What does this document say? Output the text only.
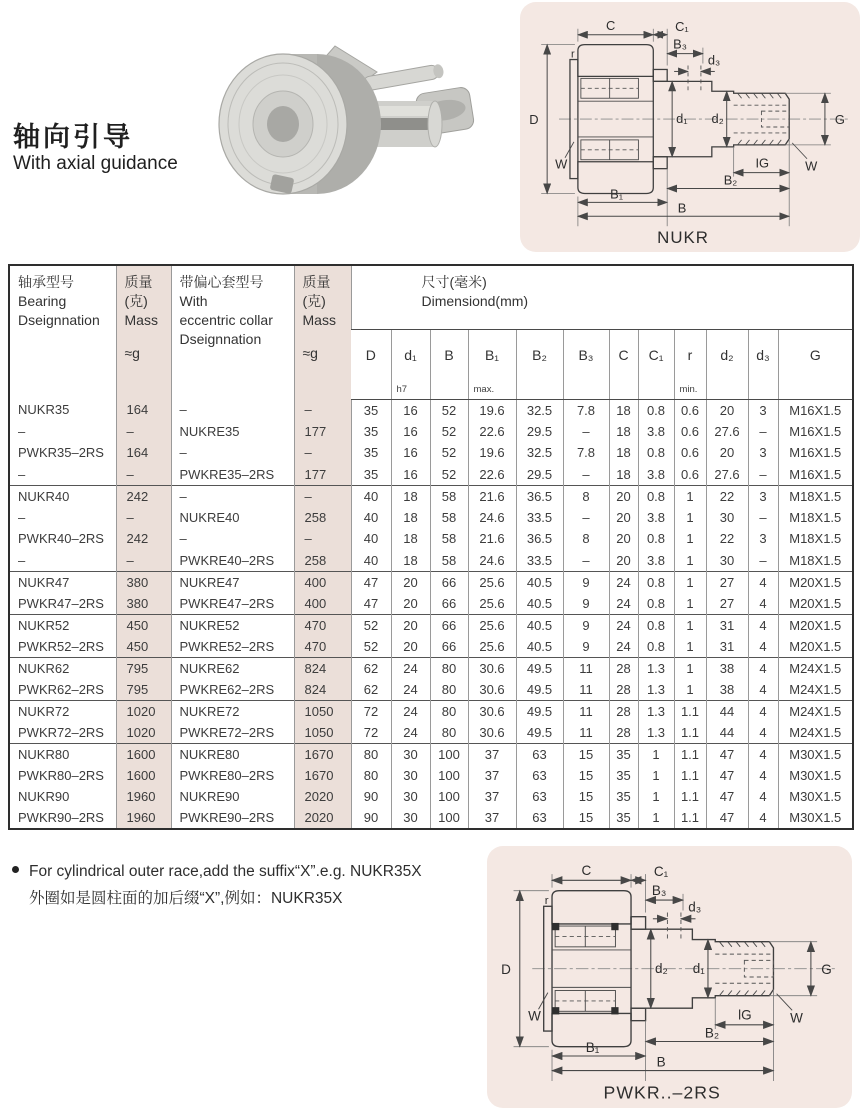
轴向引导
With axial guidance
C	C₁
B₃
d₃
r
D	d₁ d₂	G
W	IG	W
B₂
B₁
B
NUKR
轴承型号
Bearing
Dseignnation

质量
(克)
Mass
≈g

带偏心套型号
With
eccentric collar
Dseignnation

质量
(克)
Mass
≈g

尺寸(毫米)
Dimensiond(mm)

D	d₁
h7

B	B₁
max.

B₂	B₃	C	C₁	r
min.

d₂	d₃	G

NUKR35	164	–	–	35	16	52	19.6	32.5	7.8	18	0.8	0.6	20	3	M16X1.5
–	–	NUKRE35	177	35	16	52	22.6	29.5	–	18	3.8	0.6	27.6	–	M16X1.5
PWKR35–2RS	164	–	–	35	16	52	19.6	32.5	7.8	18	0.8	0.6	20	3	M16X1.5
–	–	PWKRE35–2RS	177	35	16	52	22.6	29.5	–	18	3.8	0.6	27.6	–	M16X1.5
NUKR40	242	–	–	40	18	58	21.6	36.5	8	20	0.8	1	22	3	M18X1.5
–	–	NUKRE40	258	40	18	58	24.6	33.5	–	20	3.8	1	30	–	M18X1.5
PWKR40–2RS	242	–	–	40	18	58	21.6	36.5	8	20	0.8	1	22	3	M18X1.5
–	–	PWKRE40–2RS	258	40	18	58	24.6	33.5	–	20	3.8	1	30	–	M18X1.5
NUKR47	380	NUKRE47	400	47	20	66	25.6	40.5	9	24	0.8	1	27	4	M20X1.5
PWKR47–2RS	380	PWKRE47–2RS	400	47	20	66	25.6	40.5	9	24	0.8	1	27	4	M20X1.5
NUKR52	450	NUKRE52	470	52	20	66	25.6	40.5	9	24	0.8	1	31	4	M20X1.5
PWKR52–2RS	450	PWKRE52–2RS	470	52	20	66	25.6	40.5	9	24	0.8	1	31	4	M20X1.5
NUKR62	795	NUKRE62	824	62	24	80	30.6	49.5	11	28	1.3	1	38	4	M24X1.5
PWKR62–2RS	795	PWKRE62–2RS	824	62	24	80	30.6	49.5	11	28	1.3	1	38	4	M24X1.5
NUKR72	1020	NUKRE72	1050	72	24	80	30.6	49.5	11	28	1.3	1.1	44	4	M24X1.5
PWKR72–2RS	1020	PWKRE72–2RS	1050	72	24	80	30.6	49.5	11	28	1.3	1.1	44	4	M24X1.5
NUKR80	1600	NUKRE80	1670	80	30	100	37	63	15	35	1	1.1	47	4	M30X1.5
PWKR80–2RS	1600	PWKRE80–2RS	1670	80	30	100	37	63	15	35	1	1.1	47	4	M30X1.5
NUKR90	1960	NUKRE90	2020	90	30	100	37	63	15	35	1	1.1	47	4	M30X1.5
PWKR90–2RS	1960	PWKRE90–2RS	2020	90	30	100	37	63	15	35	1	1.1	47	4	M30X1.5
For cylindrical outer race,add the suffix“X”.e.g. NUKR35X
外圈如是圆柱面的加后缀“X”,例如：NUKR35X
C	C₁
B₃
d₃
r
D	d₂ d₁	G
W	lG	W
B₂
B₁
B
PWKR..–2RS
